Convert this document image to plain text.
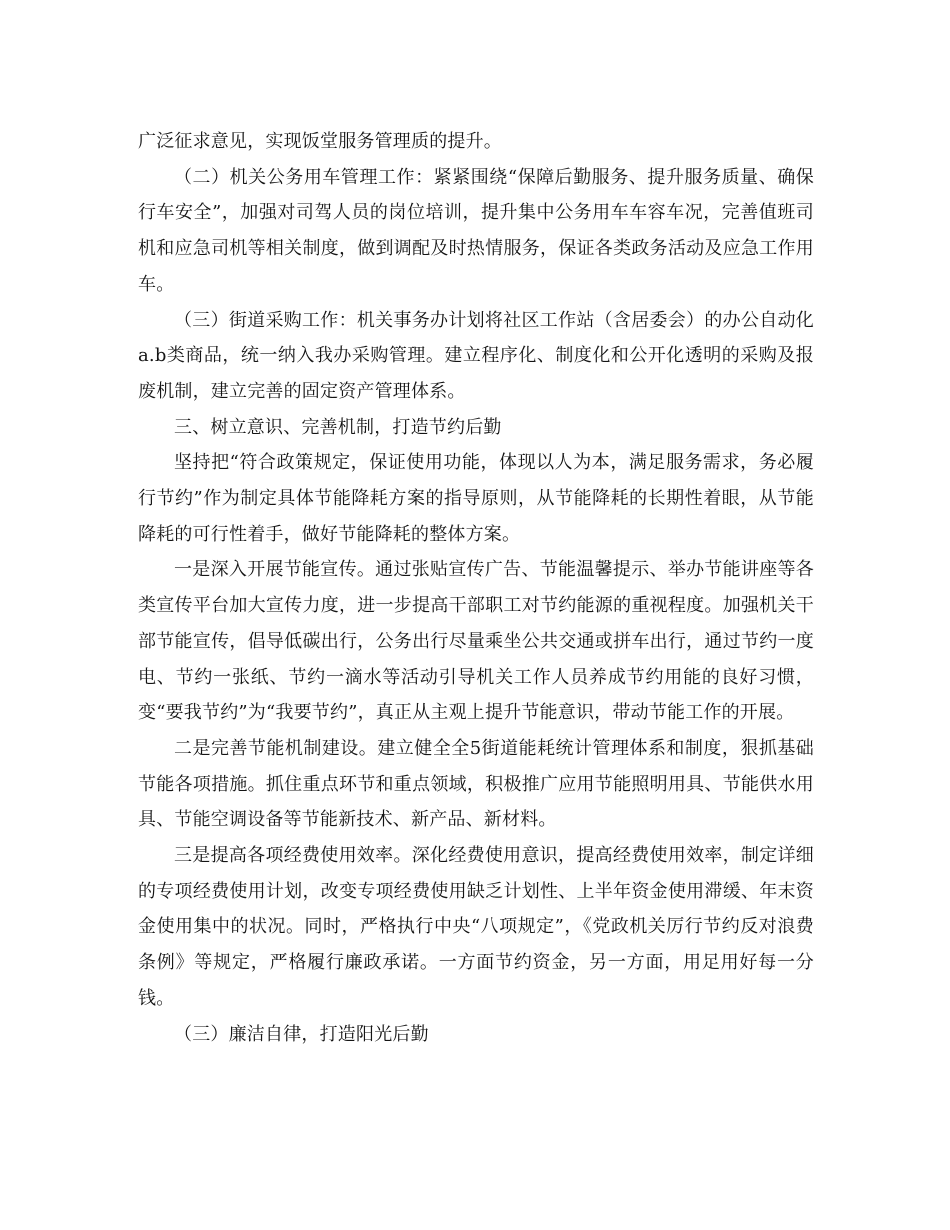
广泛征求意见，实现饭堂服务管理质的提升。

（二）机关公务用车管理工作：紧紧围绕“保障后勤服务、提升服务质量、确保行车安全”，加强对司驾人员的岗位培训，提升集中公务用车车容车况，完善值班司机和应急司机等相关制度，做到调配及时热情服务，保证各类政务活动及应急工作用车。

（三）街道采购工作：机关事务办计划将社区工作站（含居委会）的办公自动化a.b类商品，统一纳入我办采购管理。建立程序化、制度化和公开化透明的采购及报废机制，建立完善的固定资产管理体系。

三、树立意识、完善机制，打造节约后勤

坚持把“符合政策规定，保证使用功能，体现以人为本，满足服务需求，务必履行节约”作为制定具体节能降耗方案的指导原则，从节能降耗的长期性着眼，从节能降耗的可行性着手，做好节能降耗的整体方案。

一是深入开展节能宣传。通过张贴宣传广告、节能温馨提示、举办节能讲座等各类宣传平台加大宣传力度，进一步提高干部职工对节约能源的重视程度。加强机关干部节能宣传，倡导低碳出行，公务出行尽量乘坐公共交通或拼车出行，通过节约一度电、节约一张纸、节约一滴水等活动引导机关工作人员养成节约用能的良好习惯，变“要我节约”为“我要节约”，真正从主观上提升节能意识，带动节能工作的开展。

二是完善节能机制建设。建立健全全5街道能耗统计管理体系和制度，狠抓基础节能各项措施。抓住重点环节和重点领域，积极推广应用节能照明用具、节能供水用具、节能空调设备等节能新技术、新产品、新材料。

三是提高各项经费使用效率。深化经费使用意识，提高经费使用效率，制定详细的专项经费使用计划，改变专项经费使用缺乏计划性、上半年资金使用滞缓、年末资金使用集中的状况。同时，严格执行中央“八项规定”，《党政机关厉行节约反对浪费条例》等规定，严格履行廉政承诺。一方面节约资金，另一方面，用足用好每一分钱。

（三）廉洁自律，打造阳光后勤
